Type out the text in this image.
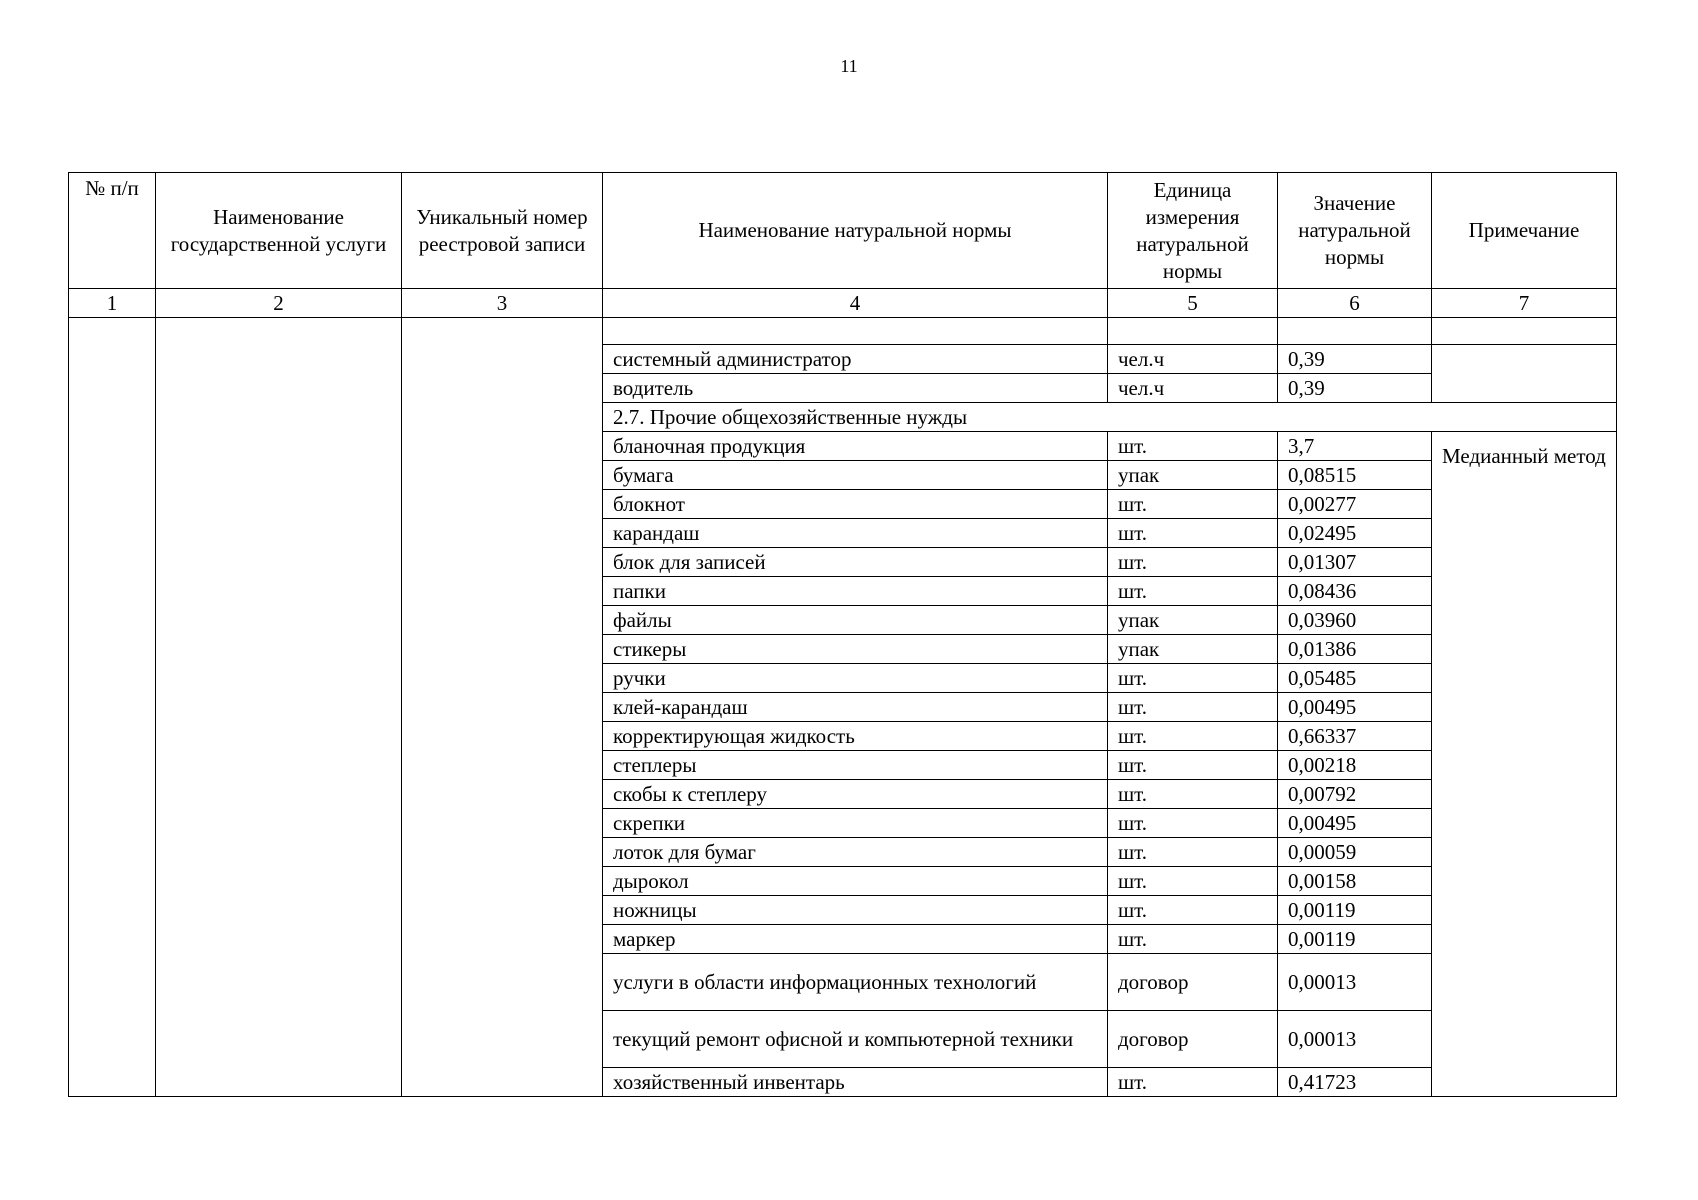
11
№ п/п	Наименование государственной услуги	Уникальный номер реестровой записи	Наименование натуральной нормы	Единица измерения натуральной нормы	Значение натуральной нормы	Примечание
1	2	3	4	5	6	7

			системный администратор	чел.ч	0,39	
			водитель	чел.ч	0,39	
			2.7. Прочие общехозяйственные нужды			
			бланочная продукция	шт.	3,7	Медианный метод
			бумага	упак	0,08515	
			блокнот	шт.	0,00277	
			карандаш	шт.	0,02495	
			блок для записей	шт.	0,01307	
			папки	шт.	0,08436	
			файлы	упак	0,03960	
			стикеры	упак	0,01386	
			ручки	шт.	0,05485	
			клей-карандаш	шт.	0,00495	
			корректирующая жидкость	шт.	0,66337	
			степлеры	шт.	0,00218	
			скобы к степлеру	шт.	0,00792	
			скрепки	шт.	0,00495	
			лоток для бумаг	шт.	0,00059	
			дырокол	шт.	0,00158	
			ножницы	шт.	0,00119	
			маркер	шт.	0,00119	
			услуги в области информационных технологий	договор	0,00013	
			текущий ремонт офисной и компьютерной техники	договор	0,00013	
			хозяйственный инвентарь	шт.	0,41723	
